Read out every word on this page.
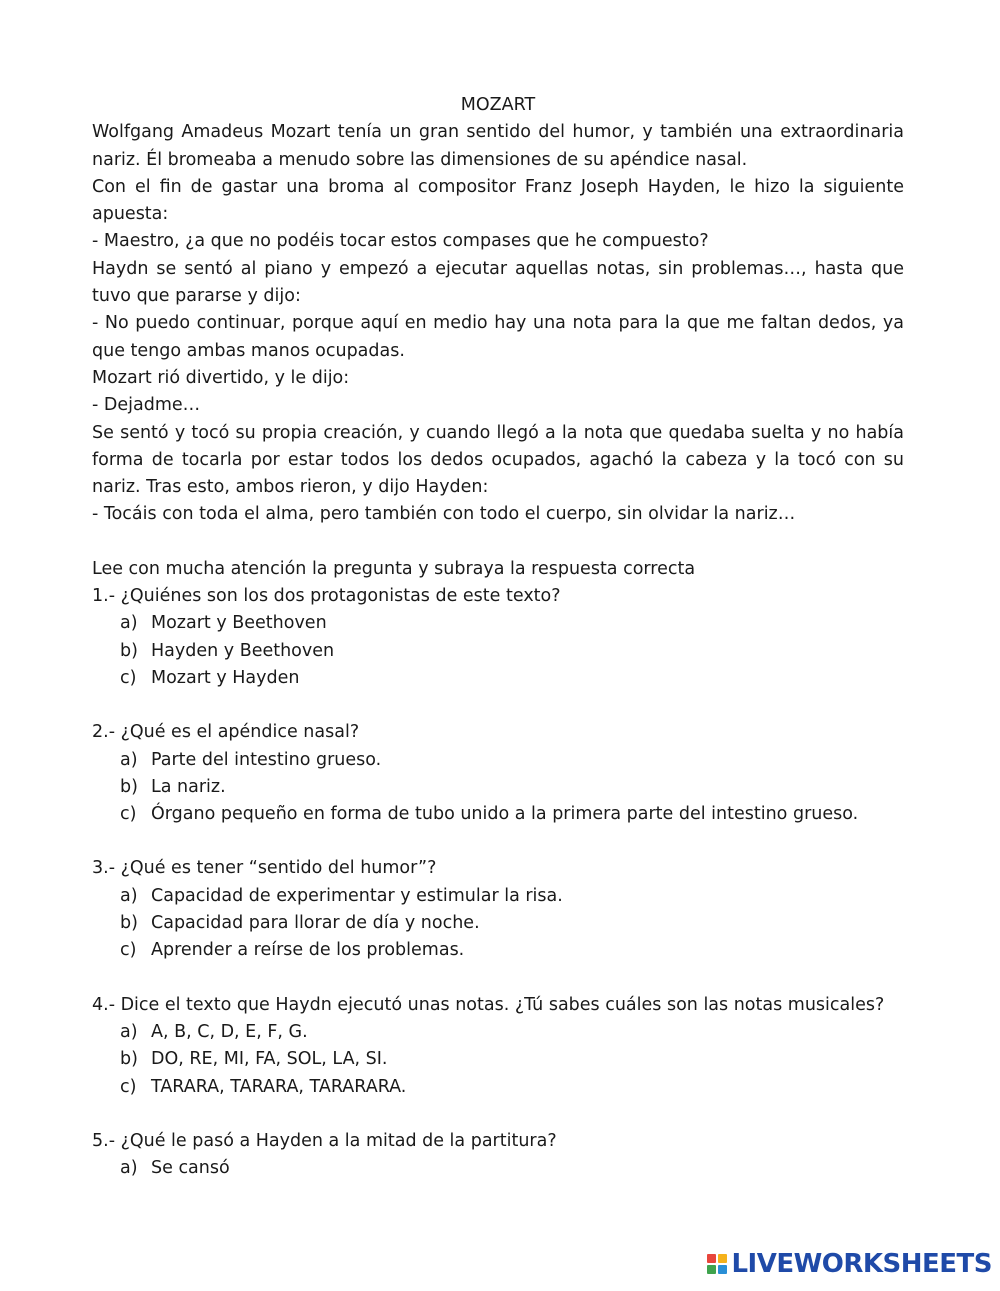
MOZART

Wolfgang Amadeus Mozart tenía un gran sentido del humor, y también una extraordinaria nariz. Él bromeaba a menudo sobre las dimensiones de su apéndice nasal.

Con el fin de gastar una broma al compositor Franz Joseph Hayden, le hizo la siguiente apuesta:

- Maestro, ¿a que no podéis tocar estos compases que he compuesto?

Haydn se sentó al piano y empezó a ejecutar aquellas notas, sin problemas…, hasta que tuvo que pararse y dijo:

- No puedo continuar, porque aquí en medio hay una nota para la que me faltan dedos, ya que tengo ambas manos ocupadas.

Mozart rió divertido, y le dijo:

- Dejadme…

Se sentó y tocó su propia creación, y cuando llegó a la nota que quedaba suelta y no había forma de tocarla por estar todos los dedos ocupados, agachó la cabeza y la tocó con su nariz. Tras esto, ambos rieron, y dijo Hayden:

- Tocáis con toda el alma, pero también con todo el cuerpo, sin olvidar la nariz…

Lee con mucha atención la pregunta y subraya la respuesta correcta

1.- ¿Quiénes son los dos protagonistas de este texto?

a) Mozart y Beethoven
b) Hayden y Beethoven
c) Mozart y Hayden

2.- ¿Qué es el apéndice nasal?

a) Parte del intestino grueso.
b) La nariz.
c) Órgano pequeño en forma de tubo unido a la primera parte del intestino grueso.

3.- ¿Qué es tener “sentido del humor”?

a) Capacidad de experimentar y estimular la risa.
b) Capacidad para llorar de día y noche.
c) Aprender a reírse de los problemas.

4.- Dice el texto que Haydn ejecutó unas notas. ¿Tú sabes cuáles son las notas musicales?

a) A, B, C, D, E, F, G.
b) DO, RE, MI, FA, SOL, LA, SI.
c) TARARA, TARARA, TARARARA.

5.- ¿Qué le pasó a Hayden a la mitad de la partitura?

a) Se cansó
LIVEWORKSHEETS
